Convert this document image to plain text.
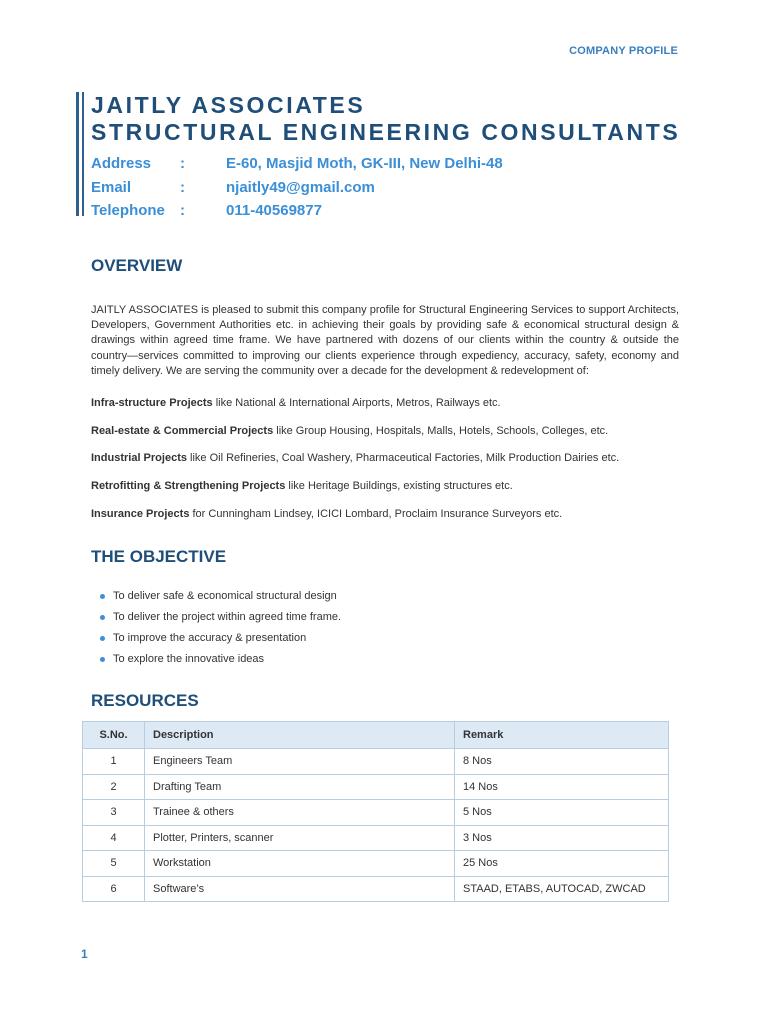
COMPANY PROFILE
JAITLY ASSOCIATES
STRUCTURAL ENGINEERING CONSULTANTS
Address	:	E-60, Masjid Moth, GK-III, New Delhi-48
Email	:	njaitly49@gmail.com
Telephone	:	011-40569877
OVERVIEW
JAITLY ASSOCIATES is pleased to submit this company profile for Structural Engineering Services to support Architects, Developers, Government Authorities etc. in achieving their goals by providing safe & economical structural design & drawings within agreed time frame. We have partnered with dozens of our clients within the country & outside the country—services committed to improving our clients experience through expediency, accuracy, safety, economy and timely delivery. We are serving the community over a decade for the development & redevelopment of:
Infra-structure Projects like National & International Airports, Metros, Railways etc.
Real-estate & Commercial Projects like Group Housing, Hospitals, Malls, Hotels, Schools, Colleges, etc.
Industrial Projects like Oil Refineries, Coal Washery, Pharmaceutical Factories, Milk Production Dairies etc.
Retrofitting & Strengthening Projects like Heritage Buildings, existing structures etc.
Insurance Projects for Cunningham Lindsey, ICICI Lombard, Proclaim Insurance Surveyors etc.
THE OBJECTIVE
To deliver safe & economical structural design
To deliver the project within agreed time frame.
To improve the accuracy & presentation
To explore the innovative ideas
RESOURCES
S.No.	Description	Remark
1	Engineers Team	8 Nos
2	Drafting Team	14 Nos
3	Trainee & others	5 Nos
4	Plotter, Printers, scanner	3 Nos
5	Workstation	25 Nos
6	Software’s	STAAD, ETABS, AUTOCAD, ZWCAD
1
